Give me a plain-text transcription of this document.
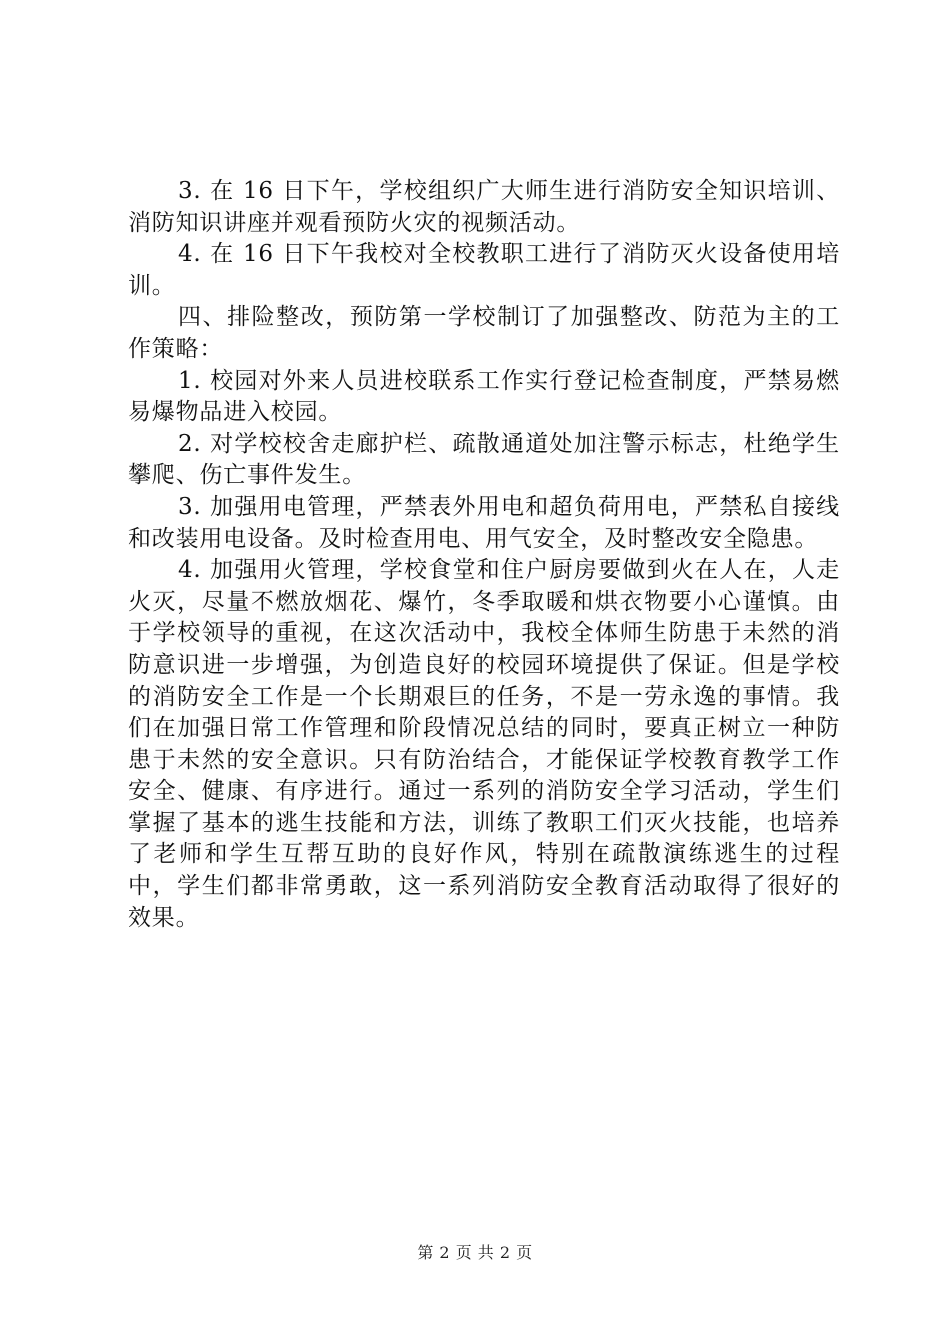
3. 在 16 日下午，学校组织广大师生进行消防安全知识培训、消防知识讲座并观看预防火灾的视频活动。

4. 在 16 日下午我校对全校教职工进行了消防灭火设备使用培训。

四、排险整改，预防第一学校制订了加强整改、防范为主的工作策略：

1. 校园对外来人员进校联系工作实行登记检查制度，严禁易燃易爆物品进入校园。

2. 对学校校舍走廊护栏、疏散通道处加注警示标志，杜绝学生攀爬、伤亡事件发生。

3. 加强用电管理，严禁表外用电和超负荷用电，严禁私自接线和改装用电设备。及时检查用电、用气安全，及时整改安全隐患。

4. 加强用火管理，学校食堂和住户厨房要做到火在人在，人走火灭，尽量不燃放烟花、爆竹，冬季取暖和烘衣物要小心谨慎。由于学校领导的重视，在这次活动中，我校全体师生防患于未然的消防意识进一步增强，为创造良好的校园环境提供了保证。但是学校的消防安全工作是一个长期艰巨的任务，不是一劳永逸的事情。我们在加强日常工作管理和阶段情况总结的同时，要真正树立一种防患于未然的安全意识。只有防治结合，才能保证学校教育教学工作安全、健康、有序进行。通过一系列的消防安全学习活动，学生们掌握了基本的逃生技能和方法，训练了教职工们灭火技能，也培养了老师和学生互帮互助的良好作风，特别在疏散演练逃生的过程中，学生们都非常勇敢，这一系列消防安全教育活动取得了很好的效果。

第 2 页 共 2 页
